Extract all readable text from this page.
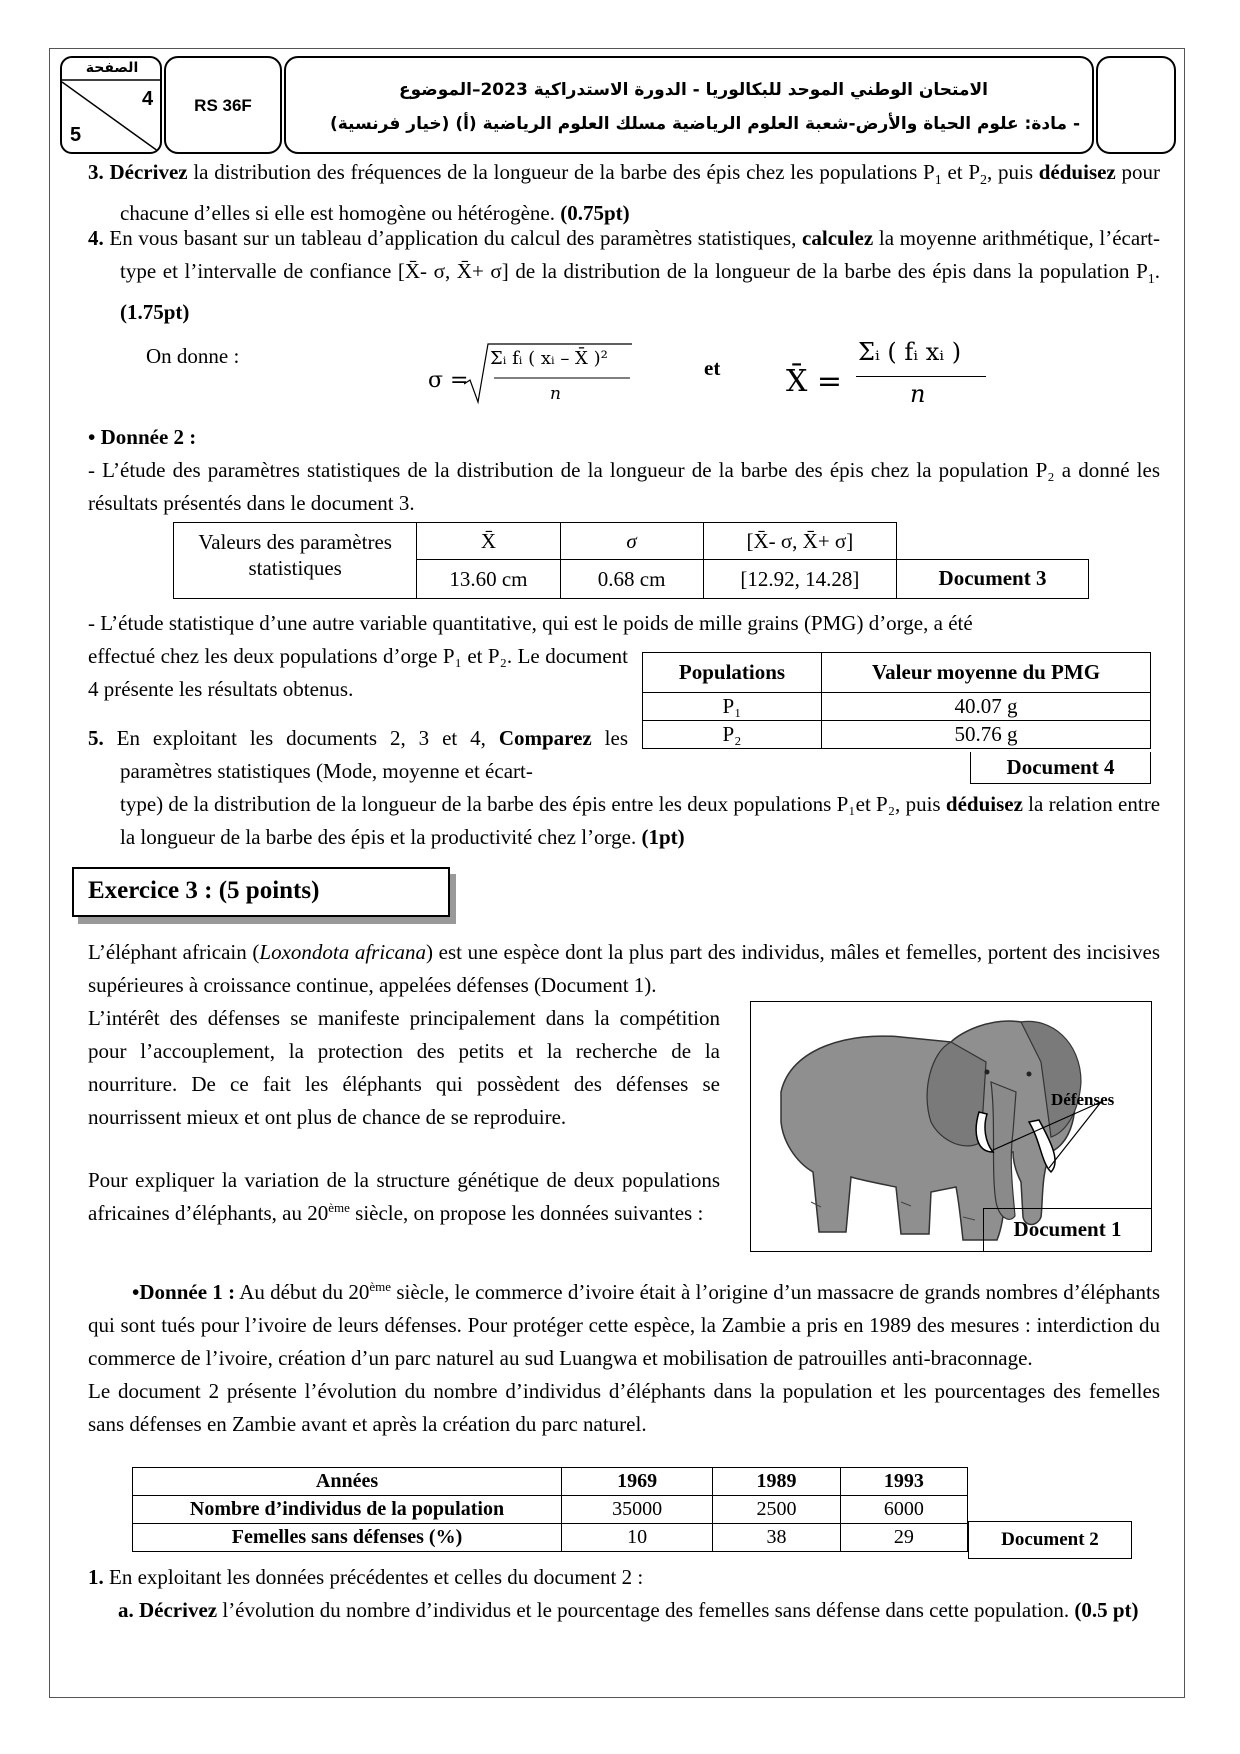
الصفحة
4
5
RS 36F
الامتحان الوطني الموحد للبكالوريا - الدورة الاستدراكية 2023–الموضوع
- مادة: علوم الحياة والأرض-شعبة العلوم الرياضية مسلك العلوم الرياضية (أ) (خيار فرنسية)

3. Décrivez la distribution des fréquences de la longueur de la barbe des épis chez les populations $P_1$ et $P_2$, puis déduisez pour chacune d’elles si elle est homogène ou hétérogène. (0.75pt)

4. En vous basant sur un tableau d’application du calcul des paramètres statistiques, calculez la moyenne arithmétique, l’écart-type et l’intervalle de confiance [X̄- σ, X̄+ σ] de la distribution de la longueur de la barbe des épis dans la population $P_1$. (1.75pt)

On donne :
σ =
Σᵢ fᵢ ( xᵢ – X̄ )²
n
et X̄ =
Σᵢ ( fᵢ xᵢ )
n

• Donnée 2 :

- L’étude des paramètres statistiques de la distribution de la longueur de la barbe des épis chez la population P₂ a donné les résultats présentés dans le document 3.

Valeurs des paramètres statistiques	X̄	σ	[X̄- σ, X̄+ σ]
	13.60 cm	0.68 cm	[12.92, 14.28]	Document 3
- L’étude statistique d’une autre variable quantitative, qui est le poids de mille grains (PMG) d’orge, a été
effectué chez les deux populations d’orge P₁ et P₂. Le document 4 présente les résultats obtenus.
Populations	Valeur moyenne du PMG
P₁	40.07 g
P₂	50.76 g
Document 4

5. En exploitant les documents 2, 3 et 4, Comparez les paramètres statistiques (Mode, moyenne et écart-

type) de la distribution de la longueur de la barbe des épis entre les deux populations P₁et P₂, puis déduisez la relation entre la longueur de la barbe des épis et la productivité chez l’orge. (1pt)

Exercice 3 : (5 points)

L’éléphant africain (Loxondota africana) est une espèce dont la plus part des individus, mâles et femelles, portent des incisives supérieures à croissance continue, appelées défenses (Document 1).

L’intérêt des défenses se manifeste principalement dans la compétition pour l’accouplement, la protection des petits et la recherche de la nourriture. De ce fait les éléphants qui possèdent des défenses se nourrissent mieux et ont plus de chance de se reproduire.

Pour expliquer la variation de la structure génétique de deux populations africaines d’éléphants, au 20ème siècle, on propose les données suivantes :

Défenses
Document 1

•Donnée 1 : Au début du 20ème siècle, le commerce d’ivoire était à l’origine d’un massacre de grands nombres d’éléphants qui sont tués pour l’ivoire de leurs défenses. Pour protéger cette espèce, la Zambie a pris en 1989 des mesures : interdiction du commerce de l’ivoire, création d’un parc naturel au sud Luangwa et mobilisation de patrouilles anti-braconnage.

Le document 2 présente l’évolution du nombre d’individus d’éléphants dans la population et les pourcentages des femelles sans défenses en Zambie avant et après la création du parc naturel.

Années	1969	1989	1993
Nombre d’individus de la population	35000	2500	6000
Femelles sans défenses (%)	10	38	29	Document 2

1. En exploitant les données précédentes et celles du document 2 :

a. Décrivez l’évolution du nombre d’individus et le pourcentage des femelles sans défense dans cette population. (0.5 pt)
